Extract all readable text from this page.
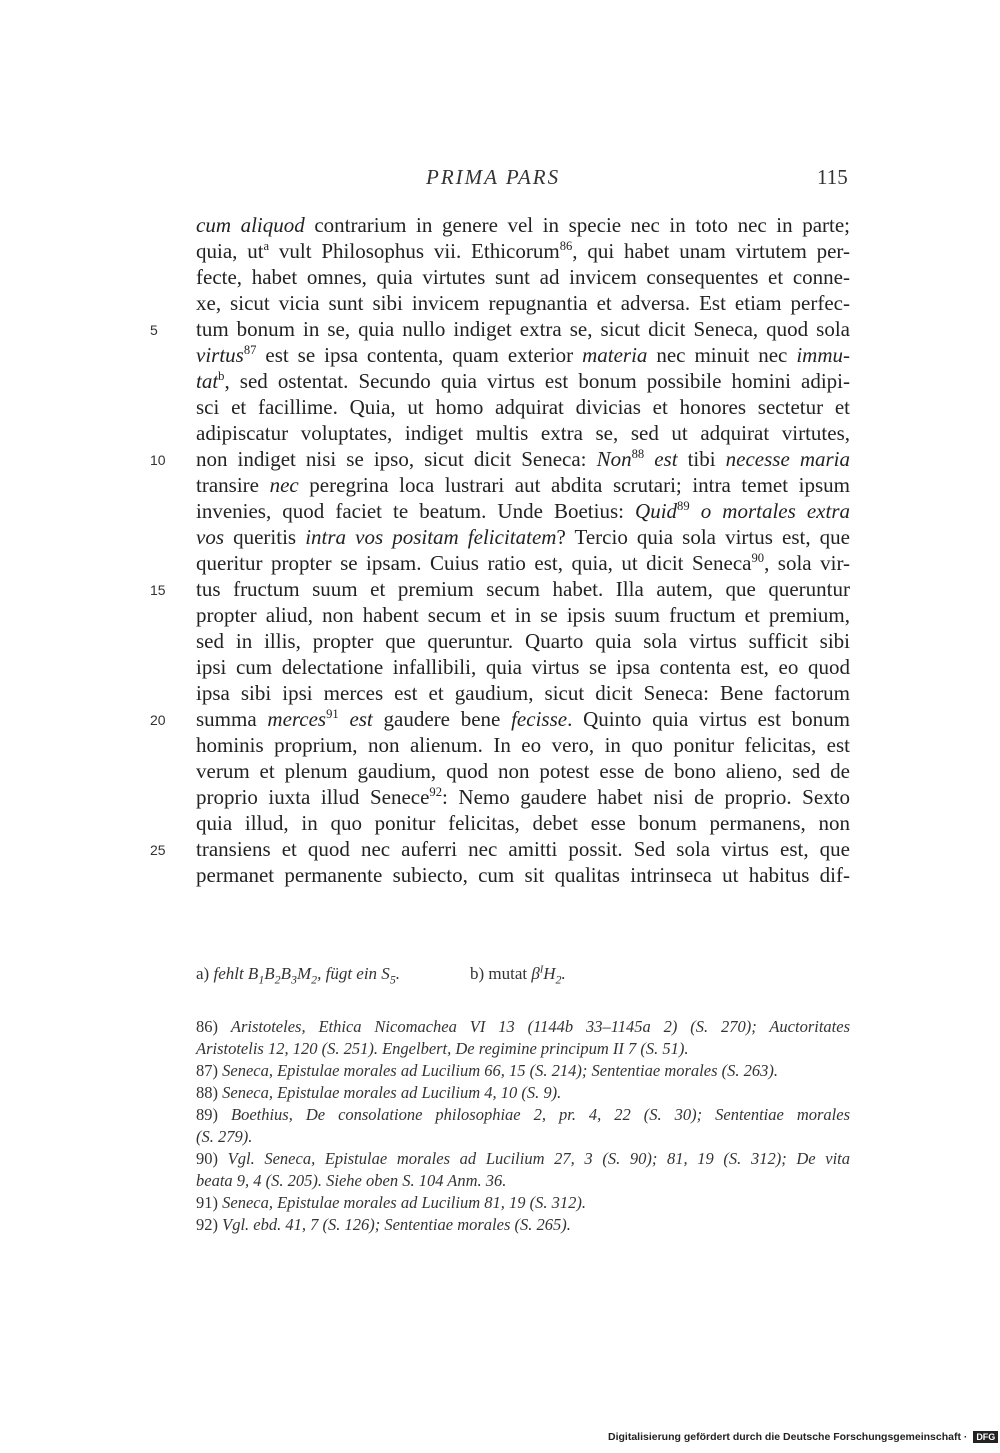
PRIMA PARS	115
cum aliquod contrarium in genere vel in specie nec in toto nec in parte;
quia, $ut^a$ vult Philosophus vii. Ethicorum$^{86}$, qui habet unam virtutem per-
fecte, habet omnes, quia virtutes sunt ad invicem consequentes et conne-
xe, sicut vicia sunt sibi invicem repugnantia et adversa. Est etiam perfec-
5 tum bonum in se, quia nullo indiget extra se, sicut dicit Seneca, quod sola
virtus$^{87}$ est se ipsa contenta, quam exterior materia nec minuit nec immu-
tat$^b$, sed ostentat. Secundo quia virtus est bonum possibile homini adipi-
sci et facillime. Quia, ut homo adquirat divicias et honores sectetur et
adipiscatur voluptates, indiget multis extra se, sed ut adquirat virtutes,
10 non indiget nisi se ipso, sicut dicit Seneca: Non$^{88}$ est tibi necesse maria
transire nec peregrina loca lustrari aut abdita scrutari; intra temet ipsum
invenies, quod faciet te beatum. Unde Boetius: Quid$^{89}$ o mortales extra
vos queritis intra vos positam felicitatem? Tercio quia sola virtus est, que
queritur propter se ipsam. Cuius ratio est, quia, ut dicit Seneca$^{90}$, sola vir-
15 tus fructum suum et premium secum habet. Illa autem, que queruntur
propter aliud, non habent secum et in se ipsis suum fructum et premium,
sed in illis, propter que queruntur. Quarto quia sola virtus sufficit sibi
ipsi cum delectatione infallibili, quia virtus se ipsa contenta est, eo quod
ipsa sibi ipsi merces est et gaudium, sicut dicit Seneca: Bene factorum
20 summa merces$^{91}$ est gaudere bene fecisse. Quinto quia virtus est bonum
hominis proprium, non alienum. In eo vero, in quo ponitur felicitas, est
verum et plenum gaudium, quod non potest esse de bono alieno, sed de
proprio iuxta illud Senece$^{92}$: Nemo gaudere habet nisi de proprio. Sexto
quia illud, in quo ponitur felicitas, debet esse bonum permanens, non
25 transiens et quod nec auferri nec amitti possit. Sed sola virtus est, que
permanet permanente subiecto, cum sit qualitas intrinseca ut habitus dif-
a) fehlt $B_1B_2B_3M_2$, fügt ein $S_5$.	b) mutat $\beta^IH_2$.
86) Aristoteles, Ethica Nicomachea VI 13 (1144b 33–1145a 2) (S. 270); Auctoritates
Aristotelis 12, 120 (S. 251). Engelbert, De regimine principum II 7 (S. 51).
87) Seneca, Epistulae morales ad Lucilium 66, 15 (S. 214); Sententiae morales (S. 263).
88) Seneca, Epistulae morales ad Lucilium 4, 10 (S. 9).
89) Boethius, De consolatione philosophiae 2, pr. 4, 22 (S. 30); Sententiae morales
(S. 279).
90) Vgl. Seneca, Epistulae morales ad Lucilium 27, 3 (S. 90); 81, 19 (S. 312); De vita
beata 9, 4 (S. 205). Siehe oben S. 104 Anm. 36.
91) Seneca, Epistulae morales ad Lucilium 81, 19 (S. 312).
92) Vgl. ebd. 41, 7 (S. 126); Sententiae morales (S. 265).
Digitalisierung gefördert durch die Deutsche Forschungsgemeinschaft · DFG
